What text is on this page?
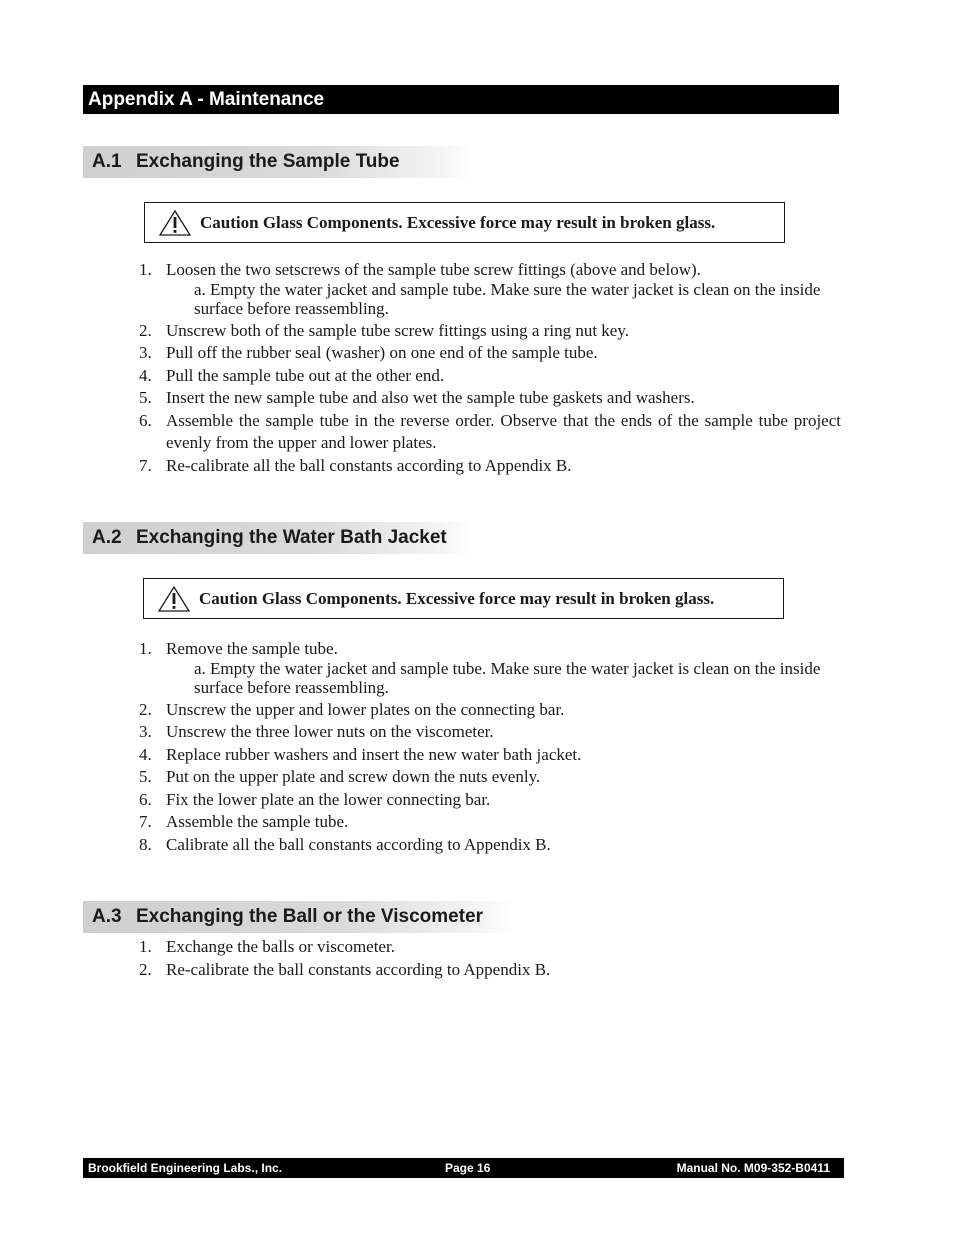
Appendix A - Maintenance
A.1 Exchanging the Sample Tube
Caution Glass Components. Excessive force may result in broken glass.
1. Loosen the two setscrews of the sample tube screw fittings (above and below).
a. Empty the water jacket and sample tube. Make sure the water jacket is clean on the inside surface before reassembling.
2. Unscrew both of the sample tube screw fittings using a ring nut key.
3. Pull off the rubber seal (washer) on one end of the sample tube.
4. Pull the sample tube out at the other end.
5. Insert the new sample tube and also wet the sample tube gaskets and washers.
6. Assemble the sample tube in the reverse order. Observe that the ends of the sample tube project evenly from the upper and lower plates.
7. Re-calibrate all the ball constants according to Appendix B.
A.2 Exchanging the Water Bath Jacket
Caution Glass Components. Excessive force may result in broken glass.
1. Remove the sample tube.
a. Empty the water jacket and sample tube. Make sure the water jacket is clean on the inside surface before reassembling.
2. Unscrew the upper and lower plates on the connecting bar.
3. Unscrew the three lower nuts on the viscometer.
4. Replace rubber washers and insert the new water bath jacket.
5. Put on the upper plate and screw down the nuts evenly.
6. Fix the lower plate an the lower connecting bar.
7. Assemble the sample tube.
8. Calibrate all the ball constants according to Appendix B.
A.3 Exchanging the Ball or the Viscometer
1. Exchange the balls or viscometer.
2. Re-calibrate the ball constants according to Appendix B.
Brookfield Engineering Labs., Inc.	Page 16	Manual No. M09-352-B0411
